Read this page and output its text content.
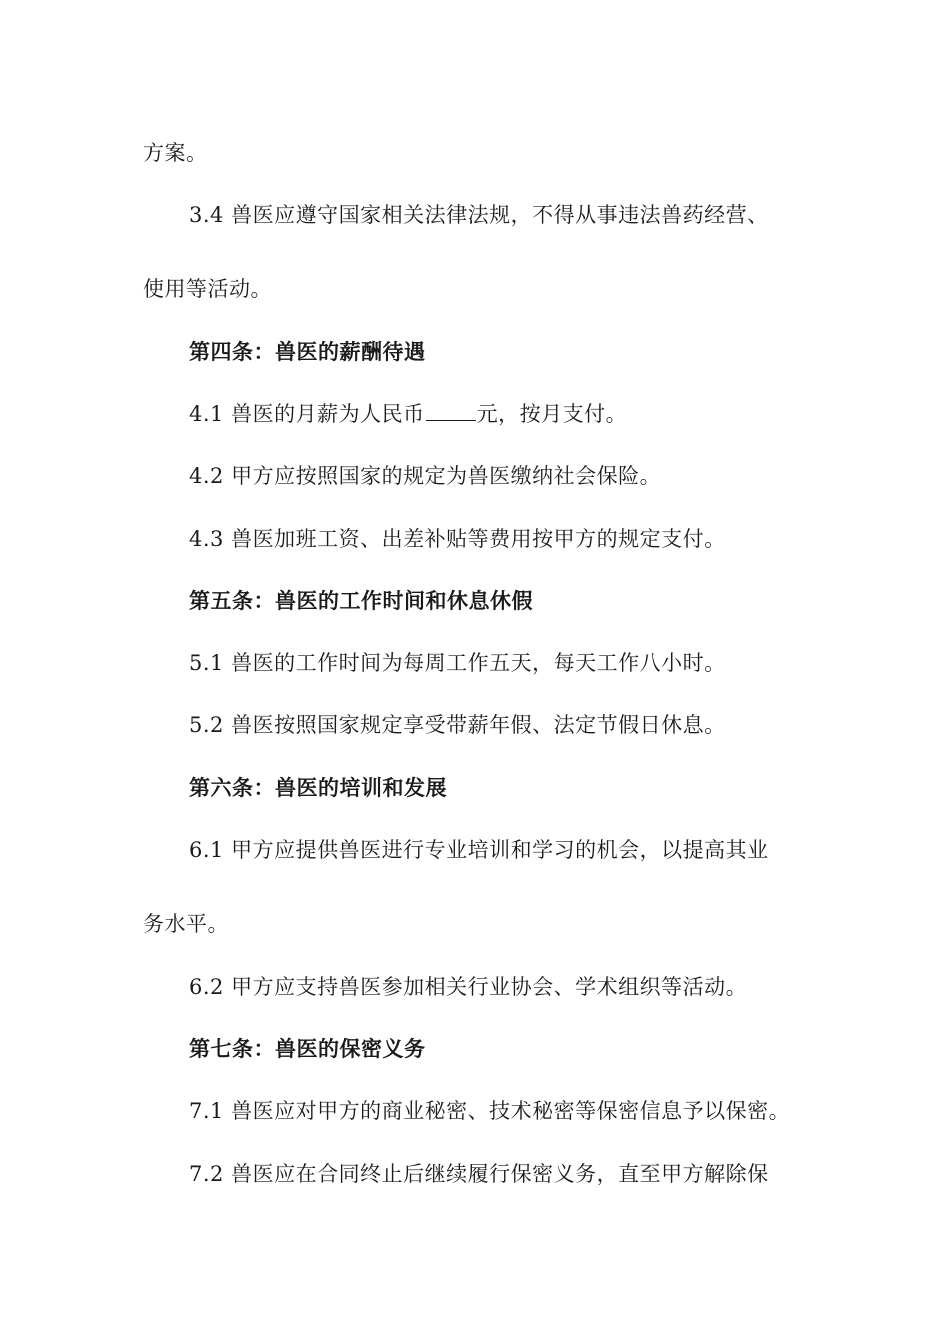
方案。
3.4 兽医应遵守国家相关法律法规，不得从事违法兽药经营、
使用等活动。
第四条：兽医的薪酬待遇
4.1 兽医的月薪为人民币 元，按月支付。
4.2 甲方应按照国家的规定为兽医缴纳社会保险。
4.3 兽医加班工资、出差补贴等费用按甲方的规定支付。
第五条：兽医的工作时间和休息休假
5.1 兽医的工作时间为每周工作五天，每天工作八小时。
5.2 兽医按照国家规定享受带薪年假、法定节假日休息。
第六条：兽医的培训和发展
6.1 甲方应提供兽医进行专业培训和学习的机会，以提高其业
务水平。
6.2 甲方应支持兽医参加相关行业协会、学术组织等活动。
第七条：兽医的保密义务
7.1 兽医应对甲方的商业秘密、技术秘密等保密信息予以保密。
7.2 兽医应在合同终止后继续履行保密义务，直至甲方解除保
